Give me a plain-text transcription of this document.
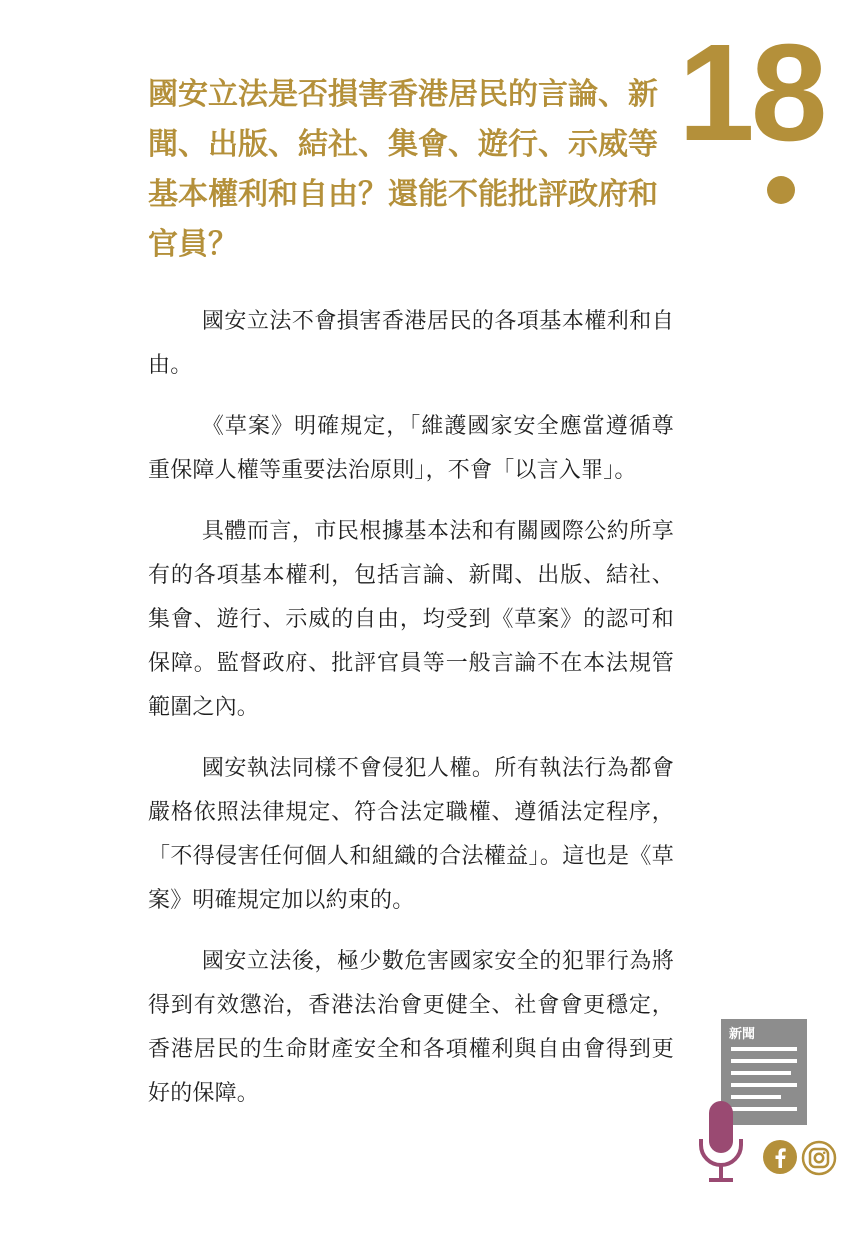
國安立法是否損害香港居民的言論、新聞、出版、結社、集會、遊行、示威等基本權利和自由？還能不能批評政府和官員？
18

國安立法不會損害香港居民的各項基本權利和自由。

《草案》明確規定，「維護國家安全應當遵循尊重保障人權等重要法治原則」，不會「以言入罪」。

具體而言，市民根據基本法和有關國際公約所享有的各項基本權利，包括言論、新聞、出版、結社、集會、遊行、示威的自由，均受到《草案》的認可和保障。監督政府、批評官員等一般言論不在本法規管範圍之內。

國安執法同樣不會侵犯人權。所有執法行為都會嚴格依照法律規定、符合法定職權、遵循法定程序，「不得侵害任何個人和組織的合法權益」。這也是《草案》明確規定加以約束的。

國安立法後，極少數危害國家安全的犯罪行為將得到有效懲治，香港法治會更健全、社會會更穩定，香港居民的生命財產安全和各項權利與自由會得到更好的保障。

新聞
